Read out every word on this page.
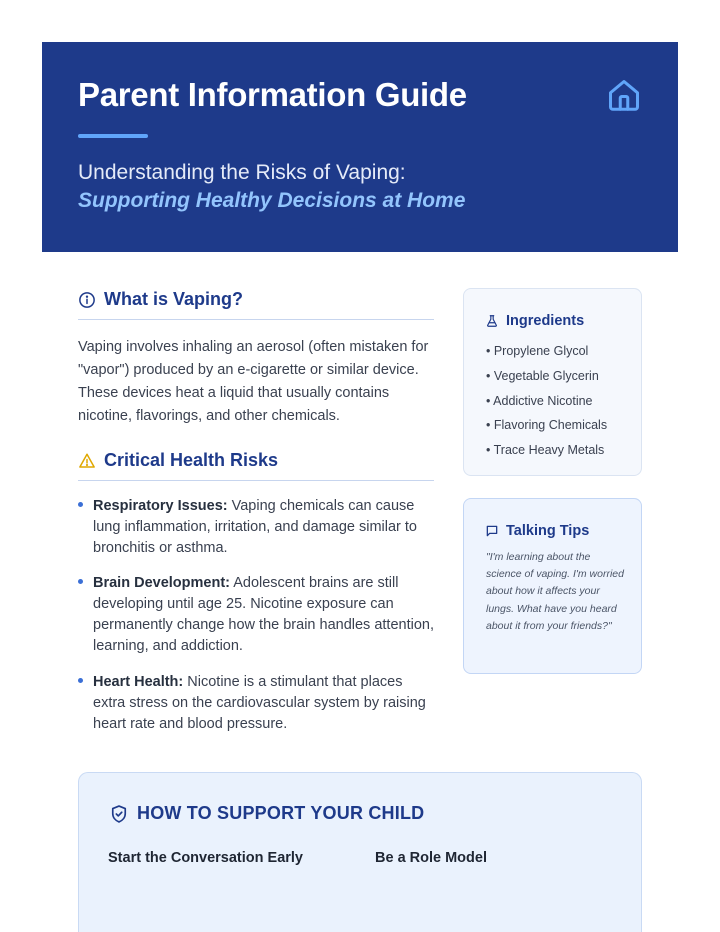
Parent Information Guide
Understanding the Risks of Vaping:
Supporting Healthy Decisions at Home
What is Vaping?
Vaping involves inhaling an aerosol (often mistaken for "vapor") produced by an e-cigarette or similar device. These devices heat a liquid that usually contains nicotine, flavorings, and other chemicals.
Critical Health Risks
Respiratory Issues: Vaping chemicals can cause lung inflammation, irritation, and damage similar to bronchitis or asthma.
Brain Development: Adolescent brains are still developing until age 25. Nicotine exposure can permanently change how the brain handles attention, learning, and addiction.
Heart Health: Nicotine is a stimulant that places extra stress on the cardiovascular system by raising heart rate and blood pressure.
Ingredients
• Propylene Glycol
• Vegetable Glycerin
• Addictive Nicotine
• Flavoring Chemicals
• Trace Heavy Metals
Talking Tips
"I'm learning about the science of vaping. I'm worried about how it affects your lungs. What have you heard about it from your friends?"
HOW TO SUPPORT YOUR CHILD
Start the Conversation Early	Be a Role Model
